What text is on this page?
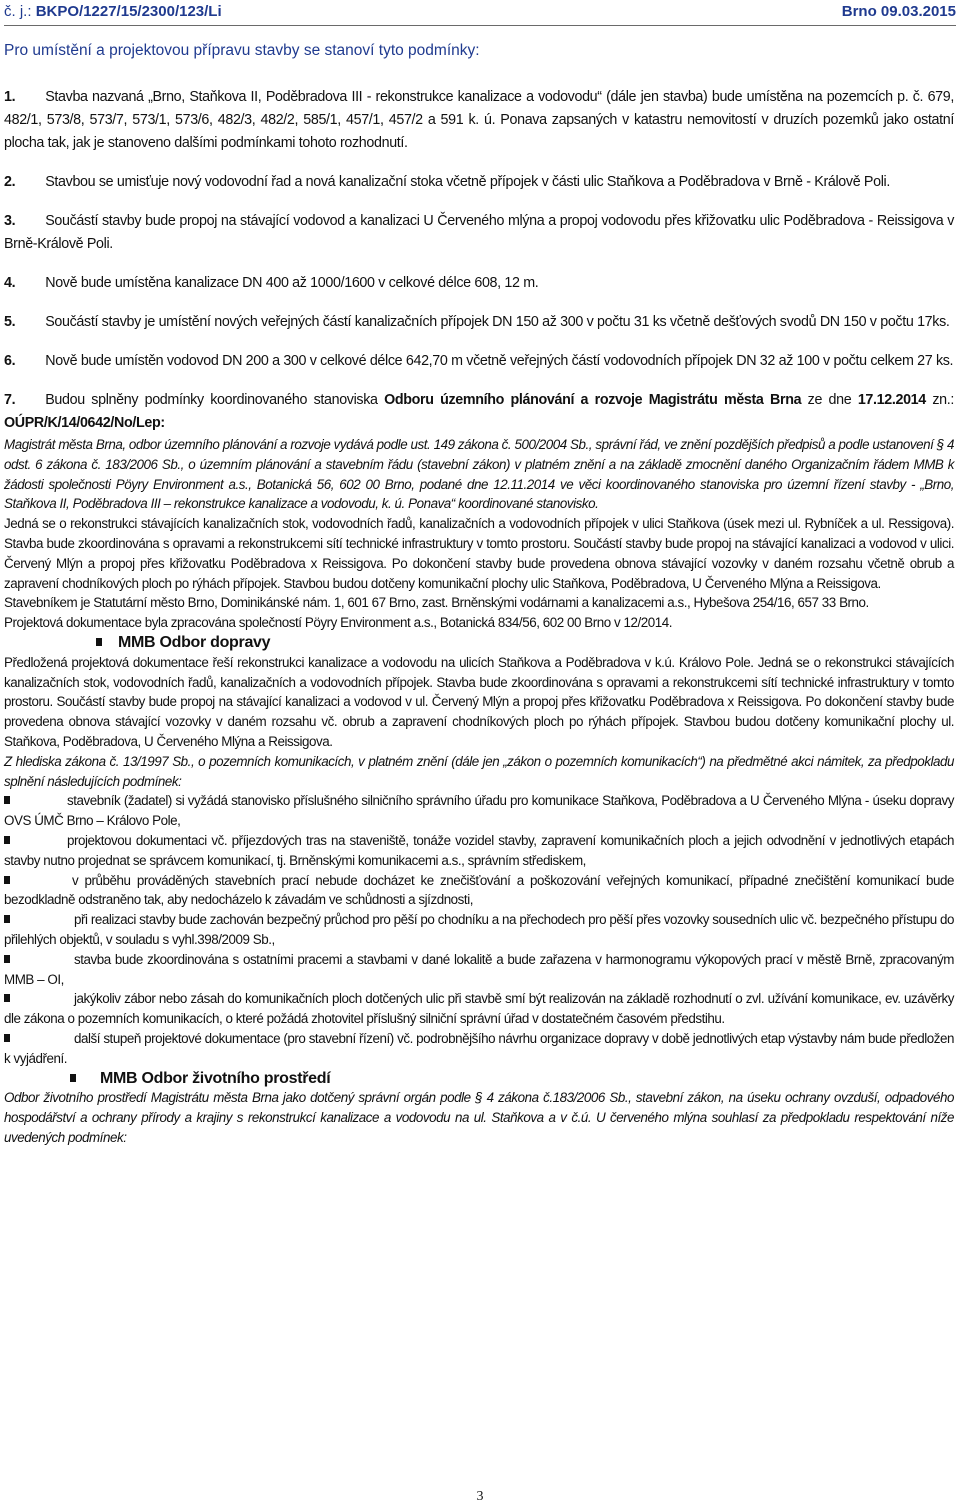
č. j.: BKPO/1227/15/2300/123/Li	Brno 09.03.2015
Pro umístění a projektovou přípravu stavby se stanoví tyto podmínky:

1. Stavba nazvaná „Brno, Staňkova II, Poděbradova III - rekonstrukce kanalizace a vodovodu“ (dále jen stavba) bude umístěna na pozemcích p. č. 679, 482/1, 573/8, 573/7, 573/1, 573/6, 482/3, 482/2, 585/1, 457/1, 457/2 a 591 k. ú. Ponava zapsaných v katastru nemovitostí v druzích pozemků jako ostatní plocha tak, jak je stanoveno dalšími podmínkami tohoto rozhodnutí.

2. Stavbou se umisťuje nový vodovodní řad a nová kanalizační stoka včetně přípojek v části ulic Staňkova a Poděbradova v Brně - Králově Poli.

3. Součástí stavby bude propoj na stávající vodovod a kanalizaci U Červeného mlýna a propoj vodovodu přes křižovatku ulic Poděbradova - Reissigova v Brně-Králově Poli.

4. Nově bude umístěna kanalizace DN 400 až 1000/1600 v celkové délce 608, 12 m.

5. Součástí stavby je umístění nových veřejných částí kanalizačních přípojek DN 150 až 300 v počtu 31 ks včetně dešťových svodů DN 150 v počtu 17ks.

6. Nově bude umístěn vodovod DN 200 a 300 v celkové délce 642,70 m včetně veřejných částí vodovodních přípojek DN 32 až 100 v počtu celkem 27 ks.

7. Budou splněny podmínky koordinovaného stanoviska Odboru územního plánování a rozvoje Magistrátu města Brna ze dne 17.12.2014 zn.: OÚPR/K/14/0642/No/Lep:

Magistrát města Brna, odbor územního plánování a rozvoje vydává podle ust. 149 zákona č. 500/2004 Sb., správní řád, ve znění pozdějších předpisů a podle ustanovení § 4 odst. 6 zákona č. 183/2006 Sb., o územním plánování a stavebním řádu (stavební zákon) v platném znění a na základě zmocnění daného Organizačním řádem MMB k žádosti společnosti Pöyry Environment a.s., Botanická 56, 602 00 Brno, podané dne 12.11.2014 ve věci koordinovaného stanoviska pro územní řízení stavby - „Brno, Staňkova II, Poděbradova III – rekonstrukce kanalizace a vodovodu, k. ú. Ponava“ koordinované stanovisko.

Jedná se o rekonstrukci stávajících kanalizačních stok, vodovodních řadů, kanalizačních a vodovodních přípojek v ulici Staňkova (úsek mezi ul. Rybníček a ul. Ressigova). Stavba bude zkoordinována s opravami a rekonstrukcemi sítí technické infrastruktury v tomto prostoru. Součástí stavby bude propoj na stávající kanalizaci a vodovod v ulici. Červený Mlýn a propoj přes křižovatku Poděbradova x Reissigova. Po dokončení stavby bude provedena obnova stávající vozovky v daném rozsahu včetně obrub a zapravení chodníkových ploch po rýhách přípojek. Stavbou budou dotčeny komunikační plochy ulic Staňkova, Poděbradova, U Červeného Mlýna a Reissigova.

Stavebníkem je Statutární město Brno, Dominikánské nám. 1, 601 67 Brno, zast. Brněnskými vodárnami a kanalizacemi a.s., Hybešova 254/16, 657 33 Brno.

Projektová dokumentace byla zpracována společností Pöyry Environment a.s., Botanická 834/56, 602 00 Brno v 12/2014.

MMB Odbor dopravy

Předložená projektová dokumentace řeší rekonstrukci kanalizace a vodovodu na ulicích Staňkova a Poděbradova v k.ú. Královo Pole. Jedná se o rekonstrukci stávajících kanalizačních stok, vodovodních řadů, kanalizačních a vodovodních přípojek. Stavba bude zkoordinována s opravami a rekonstrukcemi sítí technické infrastruktury v tomto prostoru. Součástí stavby bude propoj na stávající kanalizaci a vodovod v ul. Červený Mlýn a propoj přes křižovatku Poděbradova x Reissigova. Po dokončení stavby bude provedena obnova stávající vozovky v daném rozsahu vč. obrub a zapravení chodníkových ploch po rýhách přípojek. Stavbou budou dotčeny komunikační plochy ul. Staňkova, Poděbradova, U Červeného Mlýna a Reissigova.

Z hlediska zákona č. 13/1997 Sb., o pozemních komunikacích, v platném znění (dále jen „zákon o pozemních komunikacích“) na předmětné akci námitek, za předpokladu splnění následujících podmínek:

stavebník (žadatel) si vyžádá stanovisko příslušného silničního správního úřadu pro komunikace Staňkova, Poděbradova a U Červeného Mlýna - úseku dopravy OVS ÚMČ Brno – Královo Pole,

projektovou dokumentaci vč. příjezdových tras na staveniště, tonáže vozidel stavby, zapravení komunikačních ploch a jejich odvodnění v jednotlivých etapách stavby nutno projednat se správcem komunikací, tj. Brněnskými komunikacemi a.s., správním střediskem,

v průběhu prováděných stavebních prací nebude docházet ke znečišťování a poškozování veřejných komunikací, případné znečištění komunikací bude bezodkladně odstraněno tak, aby nedocházelo k závadám ve schůdnosti a sjízdnosti,

při realizaci stavby bude zachován bezpečný průchod pro pěší po chodníku a na přechodech pro pěší přes vozovky sousedních ulic vč. bezpečného přístupu do přilehlých objektů, v souladu s vyhl.398/2009 Sb.,

stavba bude zkoordinována s ostatními pracemi a stavbami v dané lokalitě a bude zařazena v harmonogramu výkopových prací v městě Brně, zpracovaným MMB – OI,

jakýkoliv zábor nebo zásah do komunikačních ploch dotčených ulic při stavbě smí být realizován na základě rozhodnutí o zvl. užívání komunikace, ev. uzávěrky dle zákona o pozemních komunikacích, o které požádá zhotovitel příslušný silniční správní úřad v dostatečném časovém předstihu.

další stupeň projektové dokumentace (pro stavební řízení) vč. podrobnějšího návrhu organizace dopravy v době jednotlivých etap výstavby nám bude předložen k vyjádření.

MMB Odbor životního prostředí

Odbor životního prostředí Magistrátu města Brna jako dotčený správní orgán podle § 4 zákona č.183/2006 Sb., stavební zákon, na úseku ochrany ovzduší, odpadového hospodářství a ochrany přírody a krajiny s rekonstrukcí kanalizace a vodovodu na ul. Staňkova a v č.ú. U červeného mlýna souhlasí za předpokladu respektování níže uvedených podmínek:

3
